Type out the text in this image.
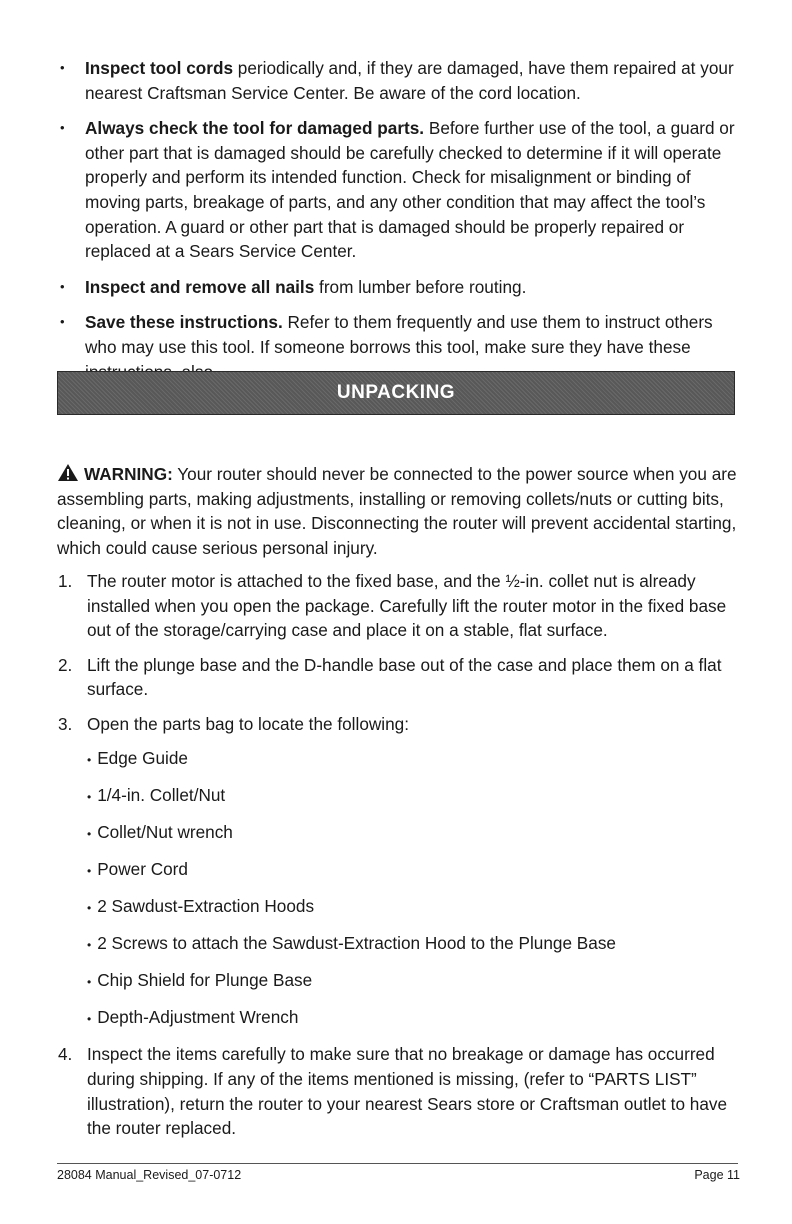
• Inspect tool cords periodically and, if they are damaged, have them repaired at your nearest Craftsman Service Center. Be aware of the cord location.
• Always check the tool for damaged parts. Before further use of the tool, a guard or other part that is damaged should be carefully checked to determine if it will operate properly and perform its intended function. Check for misalignment or binding of moving parts, breakage of parts, and any other condition that may affect the tool’s operation. A guard or other part that is damaged should be properly repaired or replaced at a Sears Service Center.
• Inspect and remove all nails from lumber before routing.
• Save these instructions. Refer to them frequently and use them to instruct others who may use this tool. If someone borrows this tool, make sure they have these
UNPACKING

WARNING: Your router should never be connected to the power source when you are assembling parts, making adjustments, installing or removing collets/nuts or cutting bits, cleaning, or when it is not in use. Disconnecting the router will prevent accidental starting, which could cause serious personal injury.

1. The router motor is attached to the fixed base, and the ½-in. collet nut is already installed when you open the package. Carefully lift the router motor in the fixed base out of the storage/carrying case and place it on a stable, flat surface.
2. Lift the plunge base and the D-handle base out of the case and place them on a flat surface.
3. Open the parts bag to locate the following:
• Edge Guide
• 1/4-in. Collet/Nut
• Collet/Nut wrench
• Power Cord
• 2 Sawdust-Extraction Hoods
• 2 Screws to attach the Sawdust-Extraction Hood to the Plunge Base
• Chip Shield for Plunge Base
• Depth-Adjustment Wrench
4. Inspect the items carefully to make sure that no breakage or damage has occurred during shipping. If any of the items mentioned is missing, (refer to “PARTS LIST” illustration), return the router to your nearest Sears store or Craftsman outlet to have the router replaced.
28084 Manual_Revised_07-0712	Page 11
